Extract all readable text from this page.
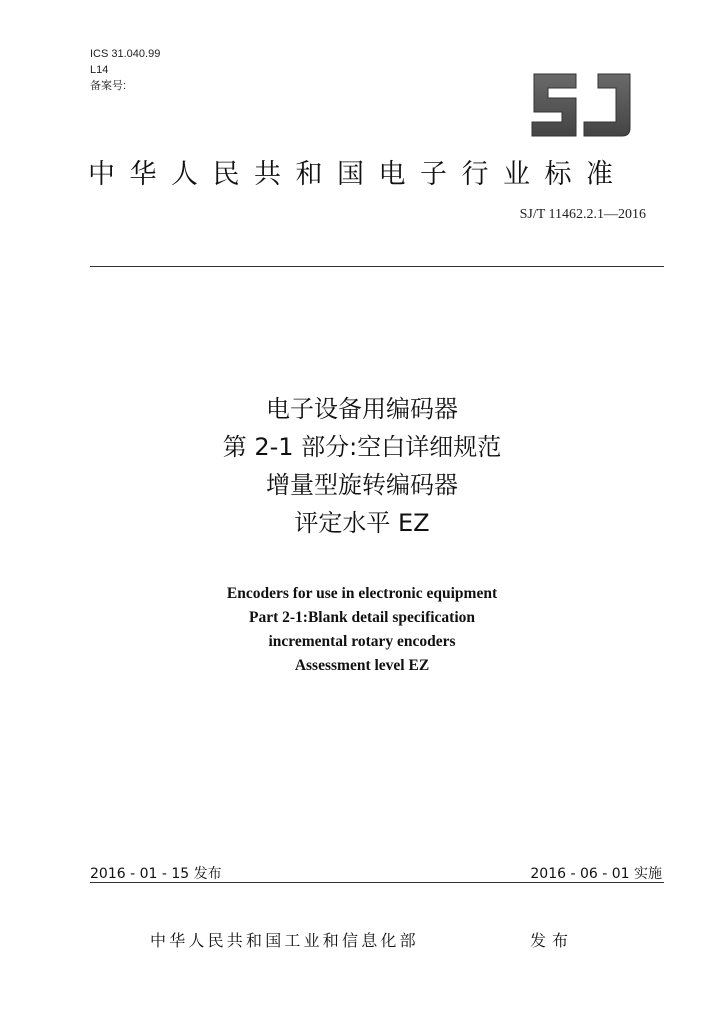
ICS 31.040.99
L14
备案号:
中华人民共和国电子行业标准
SJ/T 11462.2.1—2016
电子设备用编码器
第 2-1 部分:空白详细规范
增量型旋转编码器
评定水平 EZ
Encoders for use in electronic equipment
Part 2-1:Blank detail specification
incremental rotary encoders
Assessment level EZ
2016 - 01 - 15 发布	2016 - 06 - 01 实施
中华人民共和国工业和信息化部	发布
